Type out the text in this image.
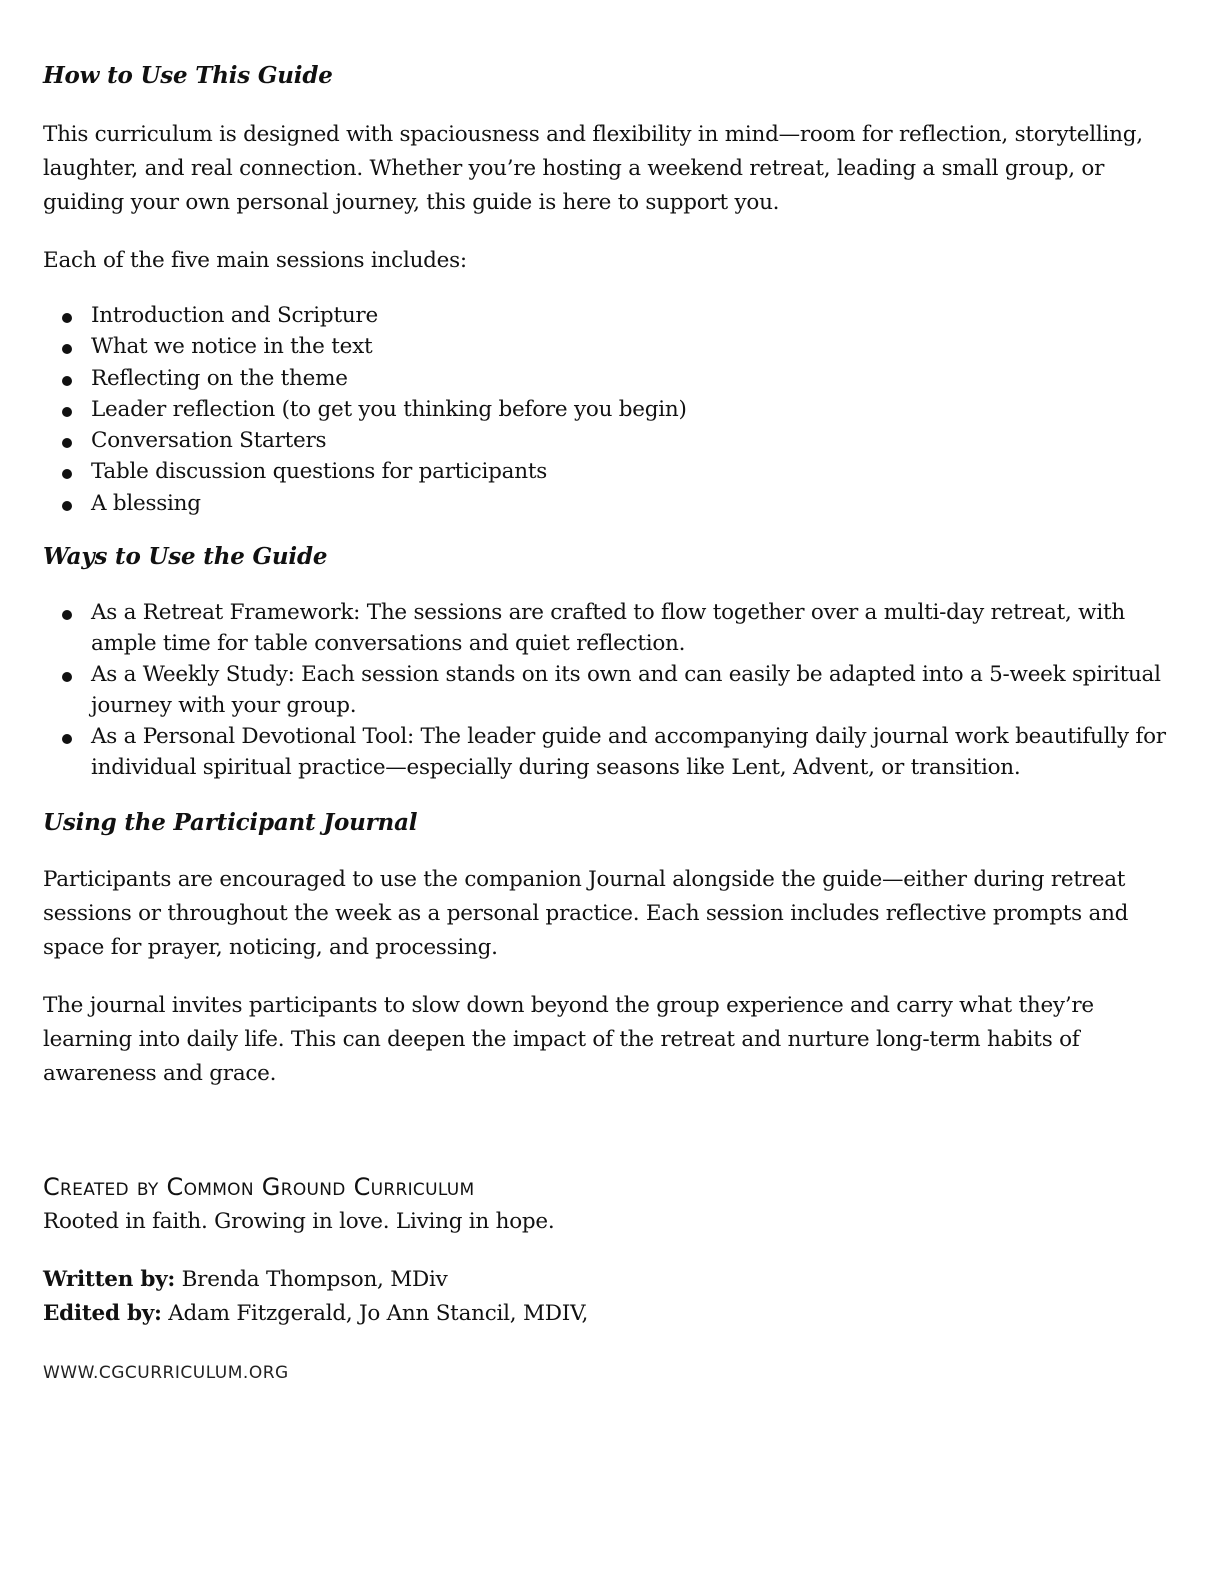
How to Use This Guide

This curriculum is designed with spaciousness and flexibility in mind—room for reflection, storytelling, laughter, and real connection. Whether you’re hosting a weekend retreat, leading a small group, or guiding your own personal journey, this guide is here to support you.

Each of the five main sessions includes:

Introduction and Scripture
What we notice in the text
Reflecting on the theme
Leader reflection (to get you thinking before you begin)
Conversation Starters
Table discussion questions for participants
A blessing
Ways to Use the Guide
As a Retreat Framework: The sessions are crafted to flow together over a multi-day retreat, with ample time for table conversations and quiet reflection.
As a Weekly Study: Each session stands on its own and can easily be adapted into a 5-week spiritual journey with your group.
As a Personal Devotional Tool: The leader guide and accompanying daily journal work beautifully for individual spiritual practice—especially during seasons like Lent, Advent, or transition.
Using the Participant Journal

Participants are encouraged to use the companion Journal alongside the guide—either during retreat sessions or throughout the week as a personal practice. Each session includes reflective prompts and space for prayer, noticing, and processing.

The journal invites participants to slow down beyond the group experience and carry what they’re learning into daily life. This can deepen the impact of the retreat and nurture long-term habits of awareness and grace.

Created by Common Ground Curriculum

Rooted in faith. Growing in love. Living in hope.

Written by: Brenda Thompson, MDiv

Edited by: Adam Fitzgerald, Jo Ann Stancil, MDIV,

WWW.CGCURRICULUM.ORG
